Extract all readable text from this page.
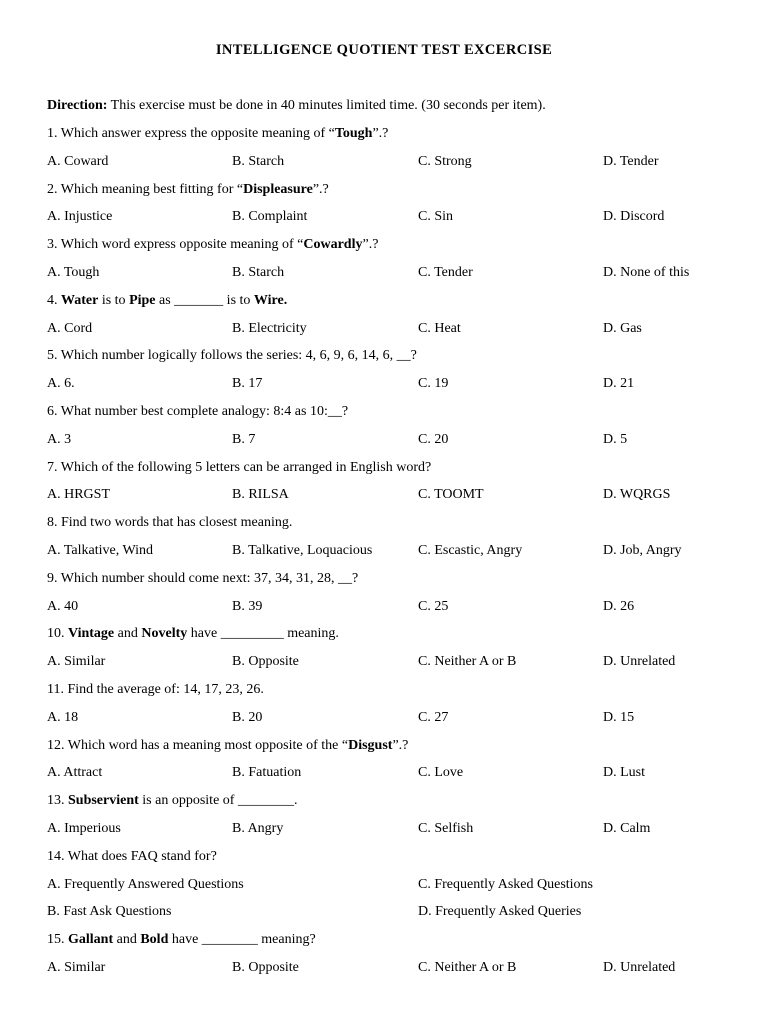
INTELLIGENCE QUOTIENT TEST EXCERCISE
Direction: This exercise must be done in 40 minutes limited time. (30 seconds per item).
1. Which answer express the opposite meaning of “Tough”.?
A. Coward	B. Starch	C. Strong	D. Tender
2. Which meaning best fitting for “Displeasure”.?
A. Injustice	B. Complaint	C. Sin	D. Discord
3. Which word express opposite meaning of “Cowardly”.?
A. Tough	B. Starch	C. Tender	D. None of this
4. Water is to Pipe as _______ is to Wire.
A. Cord	B. Electricity	C. Heat	D. Gas
5. Which number logically follows the series: 4, 6, 9, 6, 14, 6, __?
A. 6.	B. 17	C. 19	D. 21
6. What number best complete analogy: 8:4 as 10:__?
A. 3	B. 7	C. 20	D. 5
7. Which of the following 5 letters can be arranged in English word?
A. HRGST	B. RILSA	C. TOOMT	D. WQRGS
8. Find two words that has closest meaning.
A. Talkative, Wind	B. Talkative, Loquacious	C. Escastic, Angry	D. Job, Angry
9. Which number should come next: 37, 34, 31, 28, __?
A. 40	B. 39	C. 25	D. 26
10. Vintage and Novelty have _________ meaning.
A. Similar	B. Opposite	C. Neither A or B	D. Unrelated
11. Find the average of: 14, 17, 23, 26.
A. 18	B. 20	C. 27	D. 15
12. Which word has a meaning most opposite of the “Disgust”.?
A. Attract	B. Fatuation	C. Love	D. Lust
13. Subservient is an opposite of ________.
A. Imperious	B. Angry	C. Selfish	D. Calm
14. What does FAQ stand for?
A. Frequently Answered Questions	C. Frequently Asked Questions
B. Fast Ask Questions	D. Frequently Asked Queries
15. Gallant and Bold have ________ meaning?
A. Similar	B. Opposite	C. Neither A or B	D. Unrelated
